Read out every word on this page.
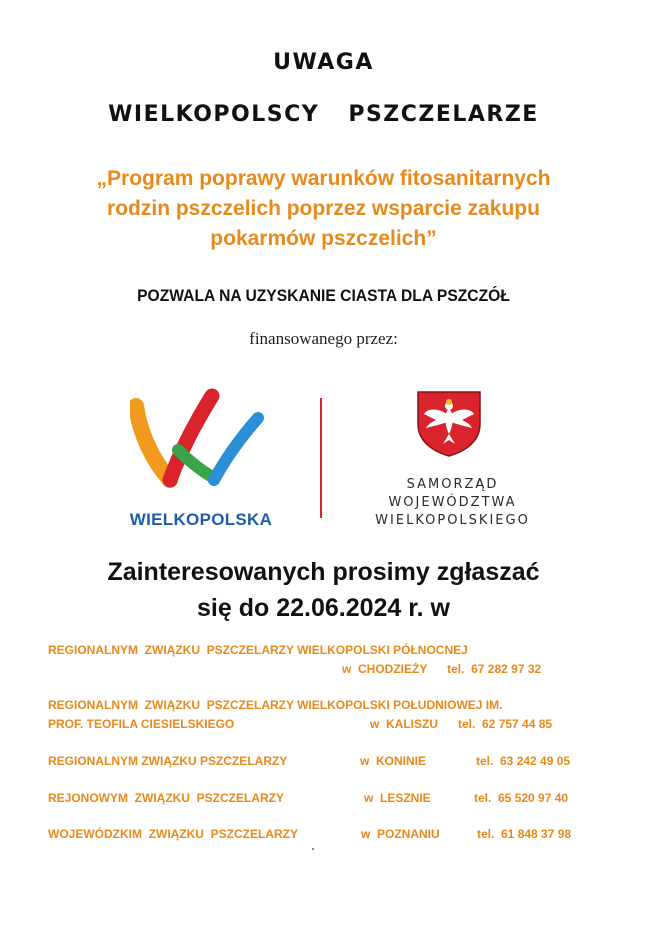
UWAGA
WIELKOPOLSCY PSZCZELARZE
„Program poprawy warunków fitosanitarnych
rodzin pszczelich poprzez wsparcie zakupu
pokarmów pszczelich”
POZWALA NA UZYSKANIE CIASTA DLA PSZCZÓŁ
finansowanego przez:
WIELKOPOLSKA
SAMORZĄD
WOJEWÓDZTWA
WIELKOPOLSKIEGO
Zainteresowanych prosimy zgłaszać
się do 22.06.2024 r. w
REGIONALNYM  ZWIĄZKU  PSZCZELARZY WIELKOPOLSKI PÓŁNOCNEJ
w  CHODZIEŻY      tel.  67 282 97 32
REGIONALNYM  ZWIĄZKU  PSZCZELARZY WIELKOPOLSKI POŁUDNIOWEJ IM.
PROF. TEOFILA CIESIELSKIEGO	w  KALISZU      tel.  62 757 44 85
REGIONALNYM ZWIĄZKU PSZCZELARZY	w  KONINIE	tel.  63 242 49 05
REJONOWYM  ZWIĄZKU  PSZCZELARZY	w  LESZNIE	tel.  65 520 97 40
WOJEWÓDZKIM  ZWIĄZKU  PSZCZELARZY	w  POZNANIU	tel.  61 848 37 98
